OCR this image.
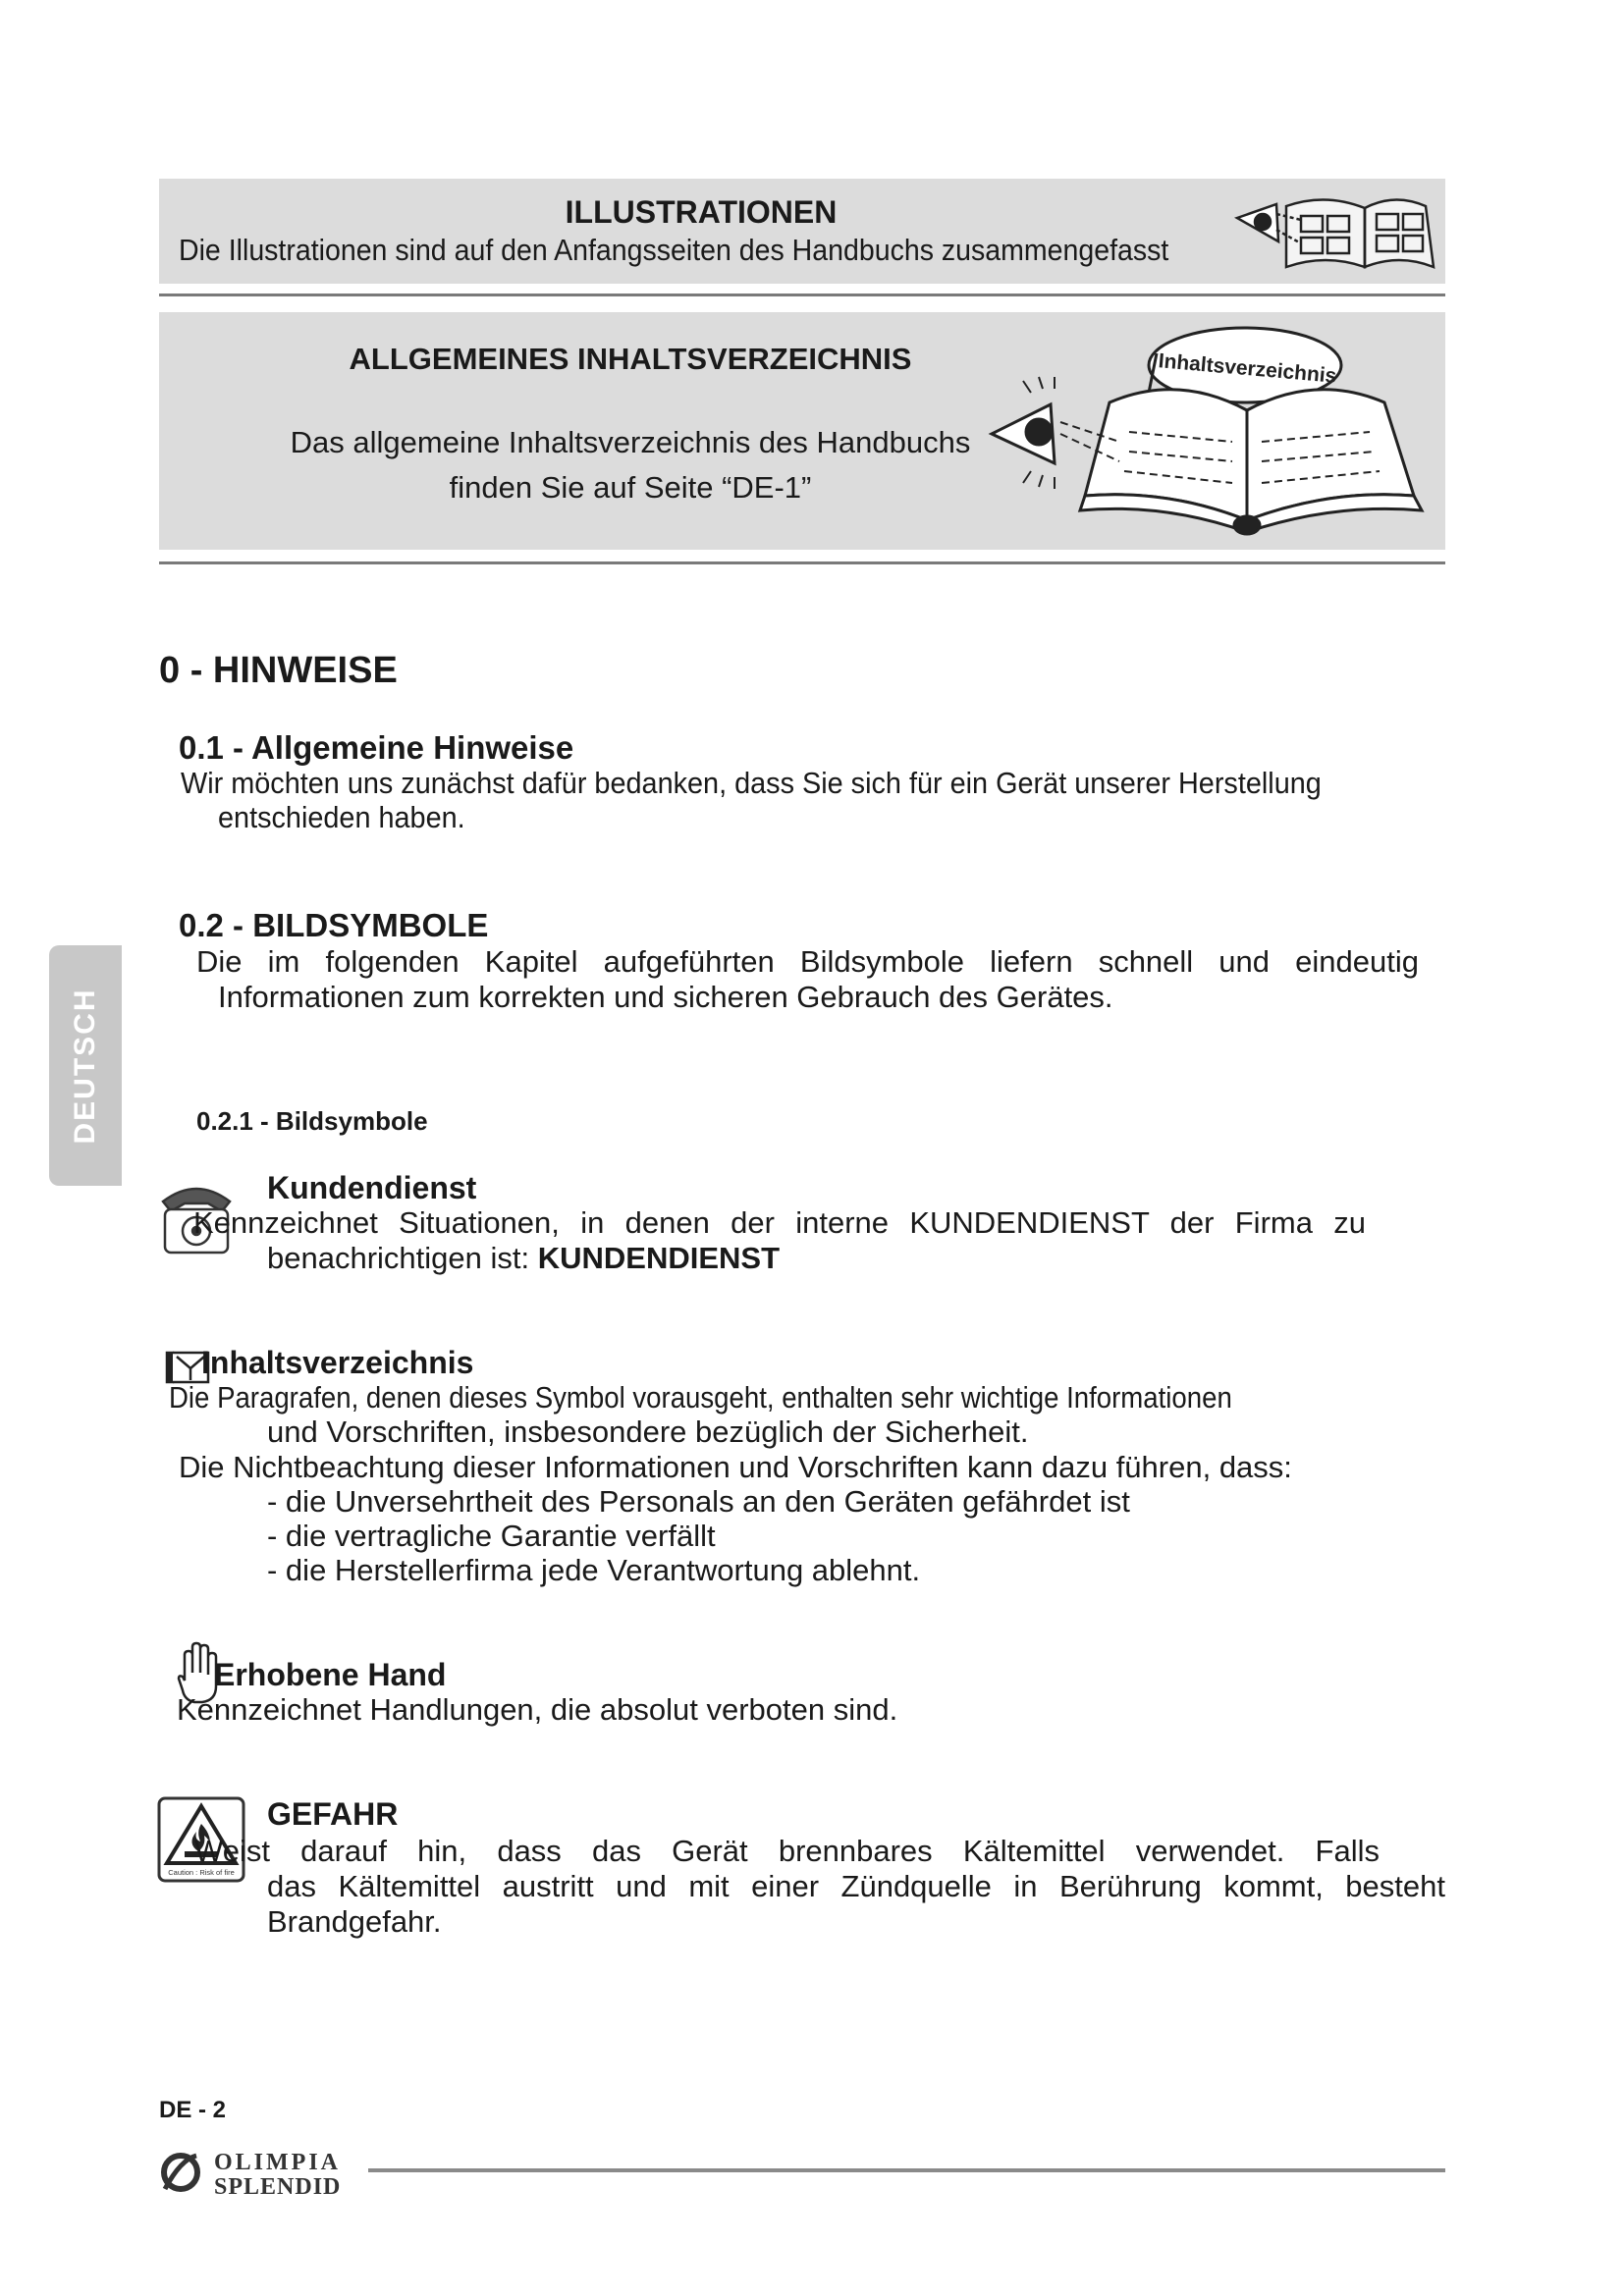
ILLUSTRATIONEN
Die Illustrationen sind auf den Anfangsseiten des Handbuchs zusammengefasst
ALLGEMEINES INHALTSVERZEICHNIS
Das allgemeine Inhaltsverzeichnis des Handbuchs
finden Sie auf Seite “DE-1”
Inhaltsverzeichnis
0 - HINWEISE
0.1 - Allgemeine Hinweise
Wir möchten uns zunächst dafür bedanken, dass Sie sich für ein Gerät unserer Herstellung
entschieden haben.
0.2 - BILDSYMBOLE
Die im folgenden Kapitel aufgeführten Bildsymbole liefern schnell und eindeutig
Informationen zum korrekten und sicheren Gebrauch des Gerätes.
0.2.1 - Bildsymbole
DEUTSCH
Kundendienst
Kennzeichnet Situationen, in denen der interne KUNDENDIENST der Firma zu
benachrichtigen ist: KUNDENDIENST
Inhaltsverzeichnis
Die Paragrafen, denen dieses Symbol vorausgeht, enthalten sehr wichtige Informationen
und Vorschriften, insbesondere bezüglich der Sicherheit.
Die Nichtbeachtung dieser Informationen und Vorschriften kann dazu führen, dass:
- die Unversehrtheit des Personals an den Geräten gefährdet ist
- die vertragliche Garantie verfällt
- die Herstellerfirma jede Verantwortung ablehnt.
Erhobene Hand
Kennzeichnet Handlungen, die absolut verboten sind.
Caution : Risk of fire
GEFAHR
Weist darauf hin, dass das Gerät brennbares Kältemittel verwendet. Falls
das Kältemittel austritt und mit einer Zündquelle in Berührung kommt, besteht
Brandgefahr.
DE - 2
OLIMPIA
SPLENDID
